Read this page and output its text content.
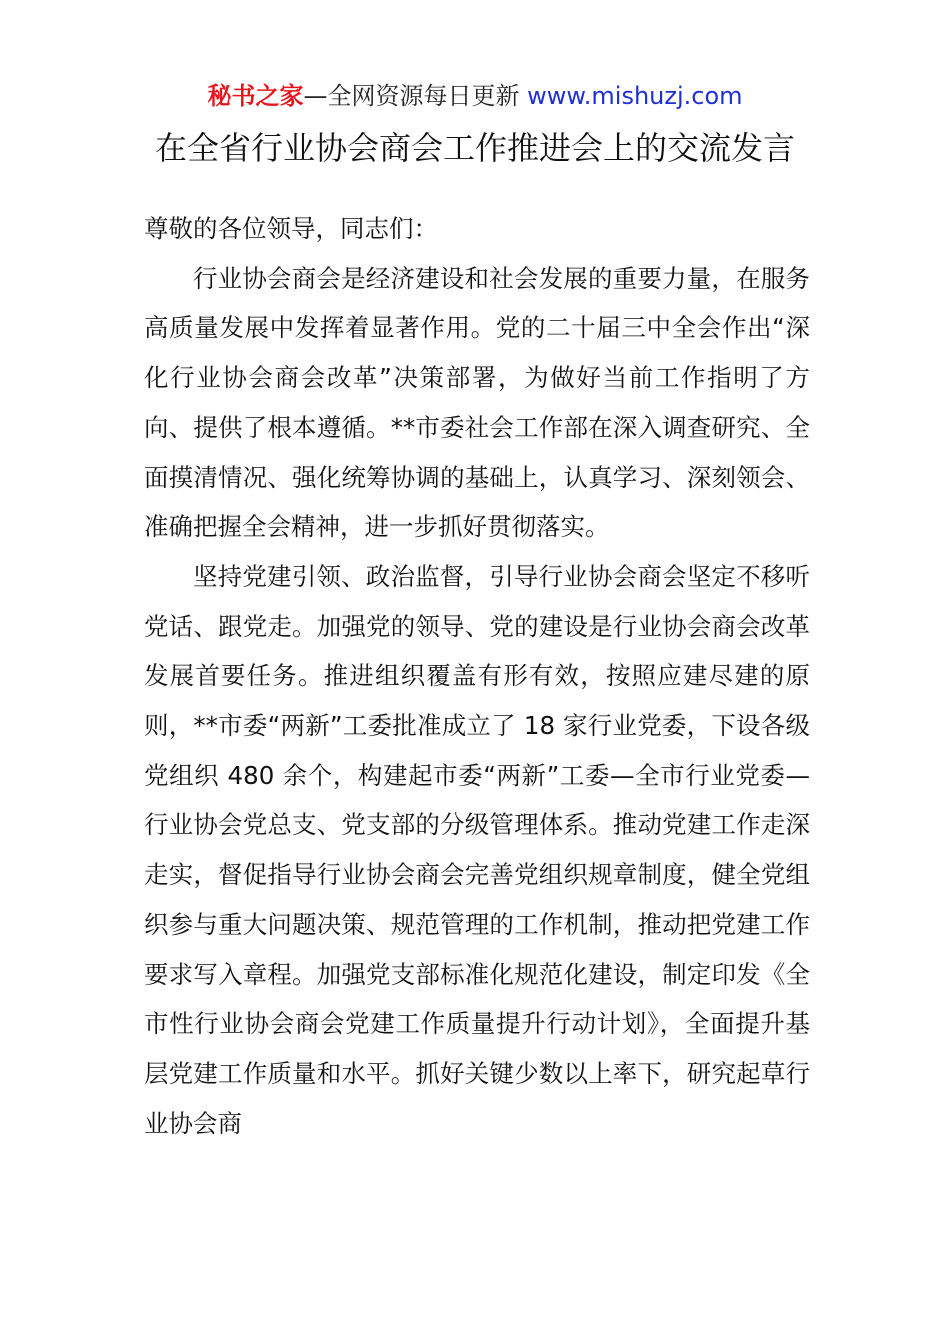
秘书之家—全网资源每日更新 www.mishuzj.com
在全省行业协会商会工作推进会上的交流发言

尊敬的各位领导，同志们：

行业协会商会是经济建设和社会发展的重要力量，在服务高质量发展中发挥着显著作用。党的二十届三中全会作出“深化行业协会商会改革”决策部署，为做好当前工作指明了方向、提供了根本遵循。**市委社会工作部在深入调查研究、全面摸清情况、强化统筹协调的基础上，认真学习、深刻领会、准确把握全会精神，进一步抓好贯彻落实。

坚持党建引领、政治监督，引导行业协会商会坚定不移听党话、跟党走。加强党的领导、党的建设是行业协会商会改革发展首要任务。推进组织覆盖有形有效，按照应建尽建的原则，**市委“两新”工委批准成立了 18 家行业党委，下设各级党组织 480 余个，构建起市委“两新”工委—全市行业党委—行业协会党总支、党支部的分级管理体系。推动党建工作走深走实，督促指导行业协会商会完善党组织规章制度，健全党组织参与重大问题决策、规范管理的工作机制，推动把党建工作要求写入章程。加强党支部标准化规范化建设，制定印发《全市性行业协会商会党建工作质量提升行动计划》，全面提升基层党建工作质量和水平。抓好关键少数以上率下，研究起草行业协会商
